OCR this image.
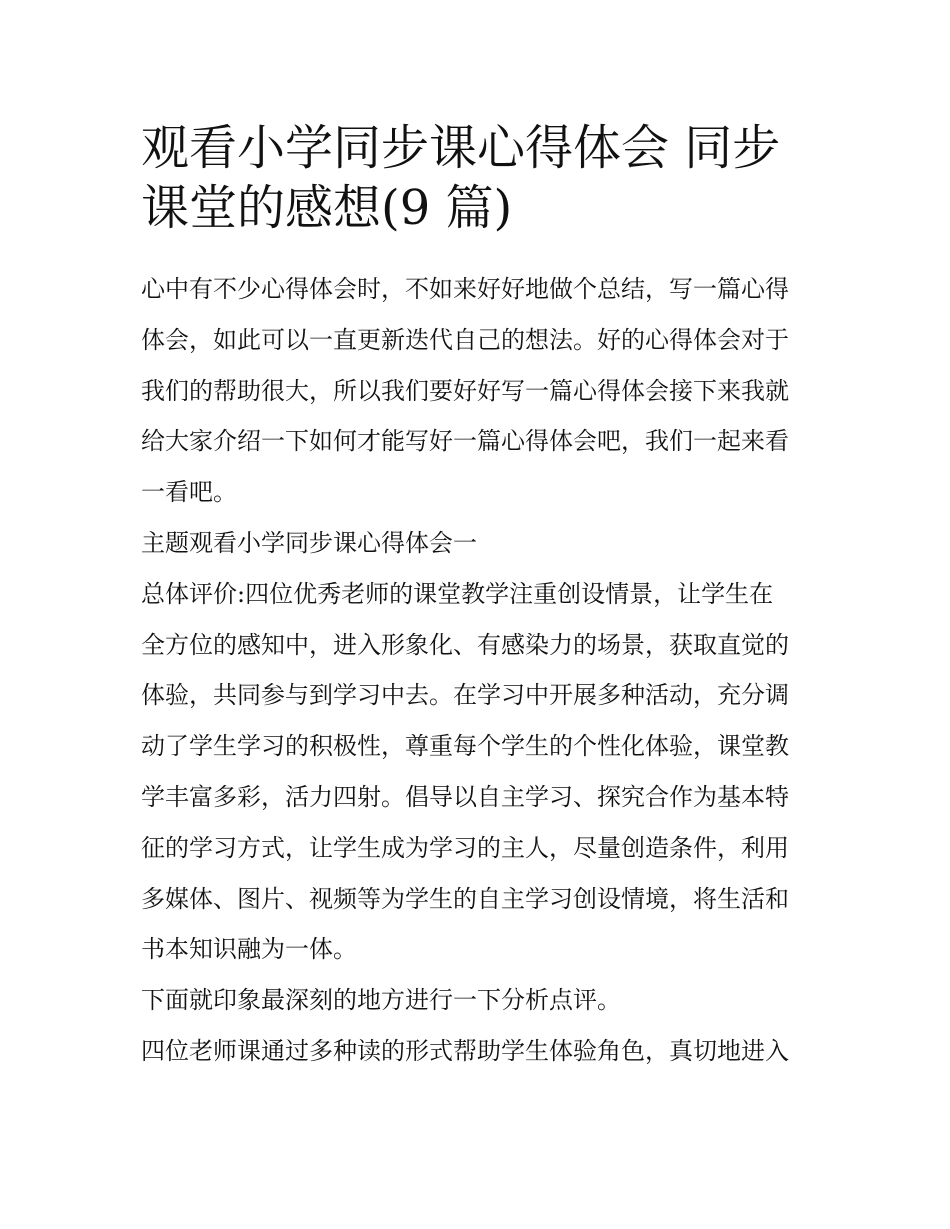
观看小学同步课心得体会 同步
课堂的感想(9 篇)
心中有不少心得体会时，不如来好好地做个总结，写一篇心得
体会，如此可以一直更新迭代自己的想法。好的心得体会对于
我们的帮助很大，所以我们要好好写一篇心得体会接下来我就
给大家介绍一下如何才能写好一篇心得体会吧，我们一起来看
一看吧。
主题观看小学同步课心得体会一
总体评价:四位优秀老师的课堂教学注重创设情景，让学生在
全方位的感知中，进入形象化、有感染力的场景，获取直觉的
体验，共同参与到学习中去。在学习中开展多种活动，充分调
动了学生学习的积极性，尊重每个学生的个性化体验，课堂教
学丰富多彩，活力四射。倡导以自主学习、探究合作为基本特
征的学习方式，让学生成为学习的主人，尽量创造条件，利用
多媒体、图片、视频等为学生的自主学习创设情境，将生活和
书本知识融为一体。
下面就印象最深刻的地方进行一下分析点评。
四位老师课通过多种读的形式帮助学生体验角色，真切地进入
